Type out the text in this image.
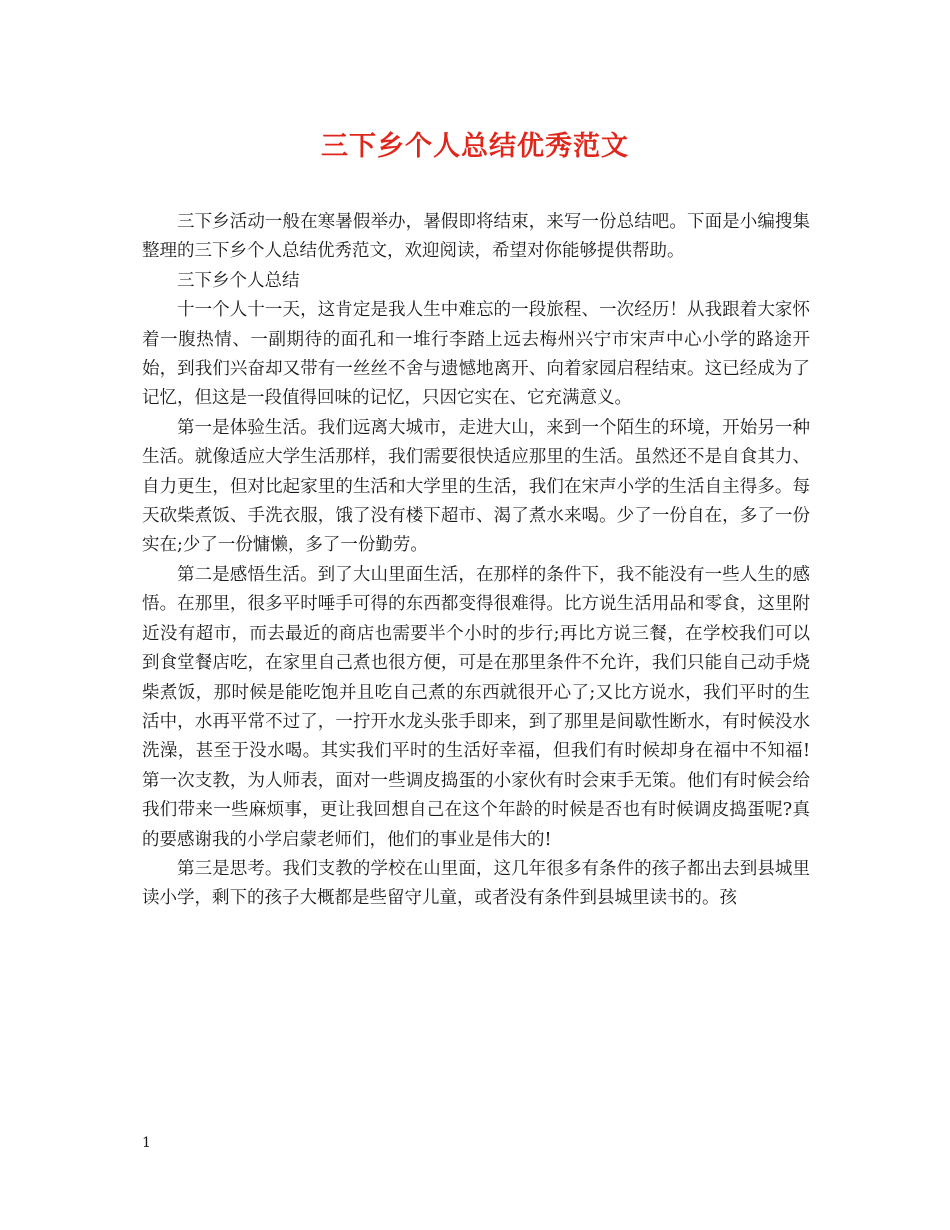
三下乡个人总结优秀范文

三下乡活动一般在寒暑假举办，暑假即将结束，来写一份总结吧。下面是小编搜集整理的三下乡个人总结优秀范文，欢迎阅读，希望对你能够提供帮助。

三下乡个人总结

十一个人十一天，这肯定是我人生中难忘的一段旅程、一次经历！从我跟着大家怀着一腹热情、一副期待的面孔和一堆行李踏上远去梅州兴宁市宋声中心小学的路途开始，到我们兴奋却又带有一丝丝不舍与遗憾地离开、向着家园启程结束。这已经成为了记忆，但这是一段值得回味的记忆，只因它实在、它充满意义。

第一是体验生活。我们远离大城市，走进大山，来到一个陌生的环境，开始另一种生活。就像适应大学生活那样，我们需要很快适应那里的生活。虽然还不是自食其力、自力更生，但对比起家里的生活和大学里的生活，我们在宋声小学的生活自主得多。每天砍柴煮饭、手洗衣服，饿了没有楼下超市、渴了煮水来喝。少了一份自在，多了一份实在;少了一份慵懒，多了一份勤劳。

第二是感悟生活。到了大山里面生活，在那样的条件下，我不能没有一些人生的感悟。在那里，很多平时唾手可得的东西都变得很难得。比方说生活用品和零食，这里附近没有超市，而去最近的商店也需要半个小时的步行;再比方说三餐，在学校我们可以到食堂餐店吃，在家里自己煮也很方便，可是在那里条件不允许，我们只能自己动手烧柴煮饭，那时候是能吃饱并且吃自己煮的东西就很开心了;又比方说水，我们平时的生活中，水再平常不过了，一拧开水龙头张手即来，到了那里是间歇性断水，有时候没水洗澡，甚至于没水喝。其实我们平时的生活好幸福，但我们有时候却身在福中不知福!第一次支教，为人师表，面对一些调皮捣蛋的小家伙有时会束手无策。他们有时候会给我们带来一些麻烦事，更让我回想自己在这个年龄的时候是否也有时候调皮捣蛋呢?真的要感谢我的小学启蒙老师们，他们的事业是伟大的!

第三是思考。我们支教的学校在山里面，这几年很多有条件的孩子都出去到县城里读小学，剩下的孩子大概都是些留守儿童，或者没有条件到县城里读书的。孩

1
